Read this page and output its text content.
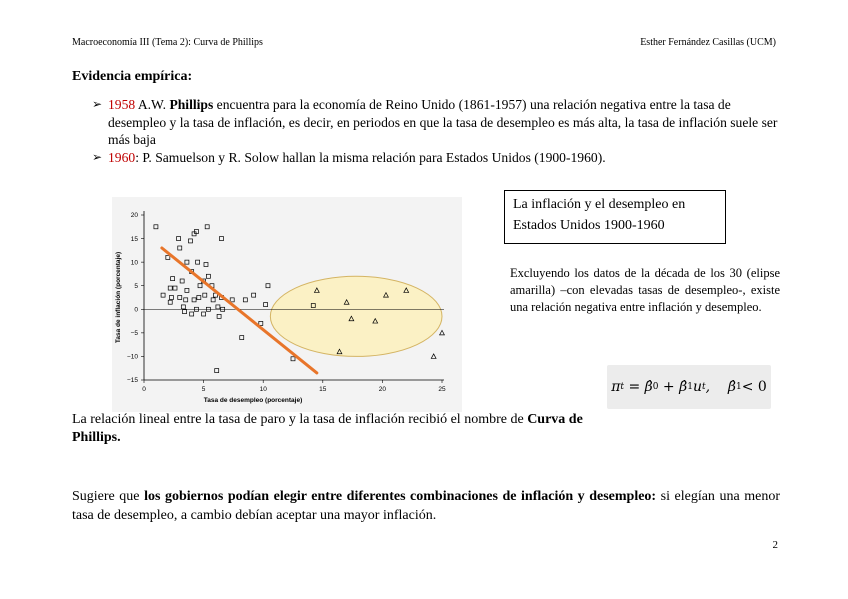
Macroeconomía III (Tema 2): Curva de Phillips	Esther Fernández Casillas (UCM)
Evidencia empírica:
➢ 1958 A.W. Phillips encuentra para la economía de Reino Unido (1861-1957) una relación negativa entre la tasa de desempleo y la tasa de inflación, es decir, en periodos en que la tasa de desempleo es más alta, la tasa de inflación suele ser más baja
➢ 1960: P. Samuelson y R. Solow hallan la misma relación para Estados Unidos (1900-1960).
0	5	10	15	20	25
20
15
10
5
0
−5
−10
−15
Tasa de desempleo (porcentaje)
Tasa de inflación (porcentaje)
La inflación y el desempleo en Estados Unidos 1900-1960
Excluyendo los datos de la década de los 30 (elipse amarilla) –con elevadas tasas de desempleo-, existe una relación negativa entre inflación y desempleo.
π t = β̂ 0 + β̂ 1 u t ,    β̂ 1 < 0
La relación lineal entre la tasa de paro y la tasa de inflación recibió el nombre de Curva de Phillips.
Sugiere que los gobiernos podían elegir entre diferentes combinaciones de inflación y desempleo: si elegían una menor tasa de desempleo, a cambio debían aceptar una mayor inflación.
2
